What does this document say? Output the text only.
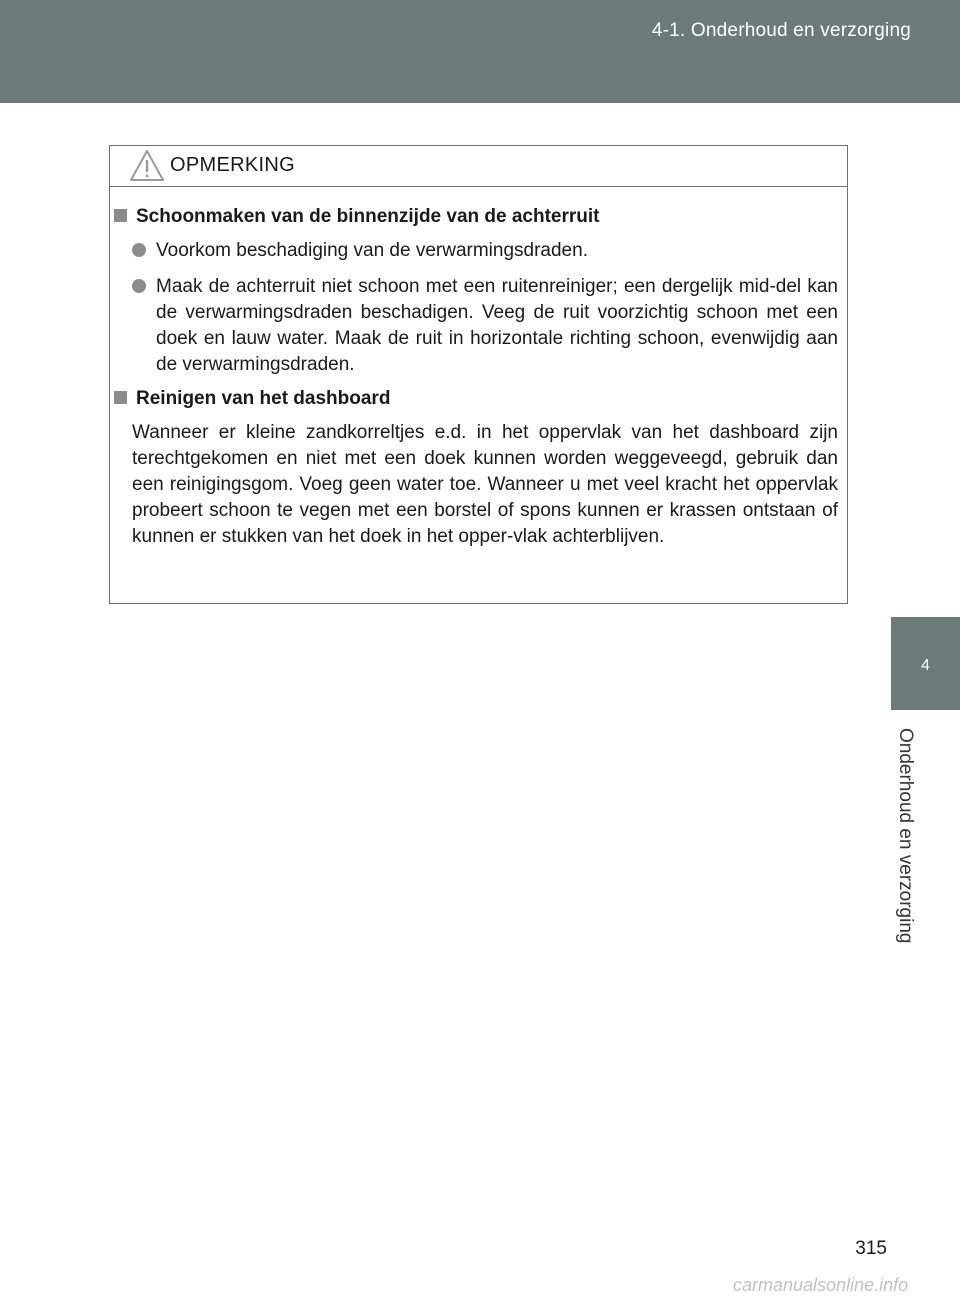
4-1. Onderhoud en verzorging
4
Onderhoud en verzorging
OPMERKING
Schoonmaken van de binnenzijde van de achterruit
Voorkom beschadiging van de verwarmingsdraden.
Maak de achterruit niet schoon met een ruitenreiniger; een dergelijk mid-del kan de verwarmingsdraden beschadigen. Veeg de ruit voorzichtig schoon met een doek en lauw water. Maak de ruit in horizontale richting schoon, evenwijdig aan de verwarmingsdraden.
Reinigen van het dashboard
Wanneer er kleine zandkorreltjes e.d. in het oppervlak van het dashboard zijn terechtgekomen en niet met een doek kunnen worden weggeveegd, gebruik dan een reinigingsgom. Voeg geen water toe. Wanneer u met veel kracht het oppervlak probeert schoon te vegen met een borstel of spons kunnen er krassen ontstaan of kunnen er stukken van het doek in het opper-vlak achterblijven.
315
carmanualsonline.info
